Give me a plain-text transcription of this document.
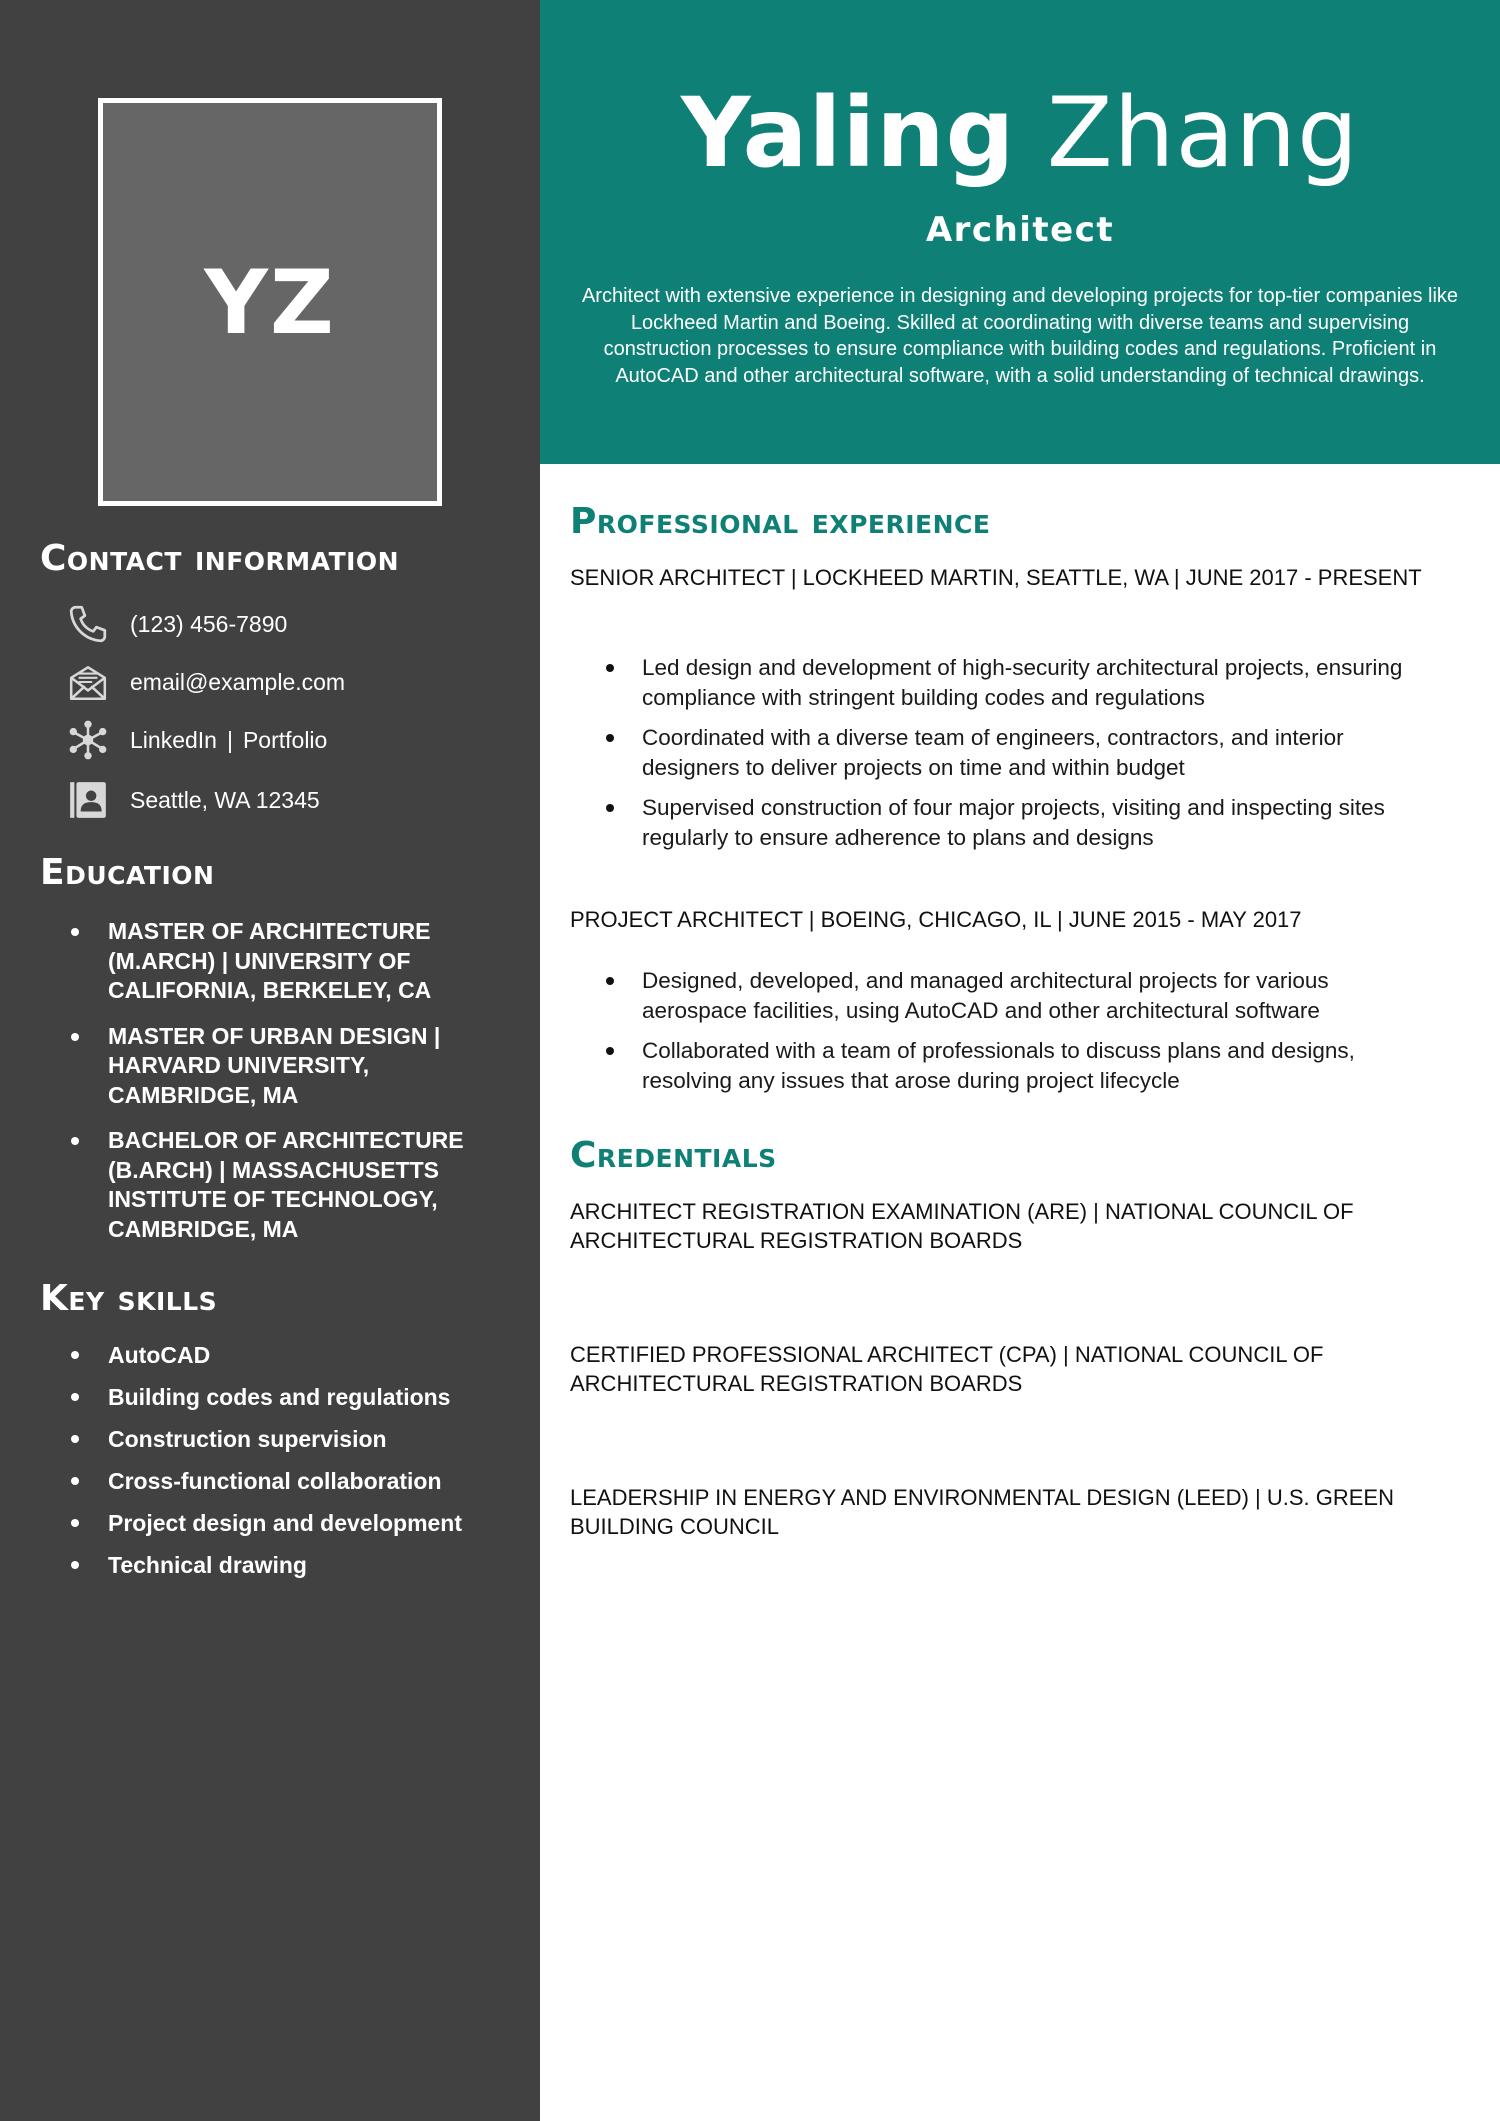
YZ
Contact information
(123) 456-7890
email@example.com
LinkedIn | Portfolio
Seattle, WA 12345
Education
MASTER OF ARCHITECTURE (M.ARCH) | UNIVERSITY OF CALIFORNIA, BERKELEY, CA
MASTER OF URBAN DESIGN | HARVARD UNIVERSITY, CAMBRIDGE, MA
BACHELOR OF ARCHITECTURE (B.ARCH) | MASSACHUSETTS INSTITUTE OF TECHNOLOGY, CAMBRIDGE, MA
Key skills
AutoCAD
Building codes and regulations
Construction supervision
Cross-functional collaboration
Project design and development
Technical drawing
Yaling Zhang
Architect
Architect with extensive experience in designing and developing projects for top-tier companies like Lockheed Martin and Boeing. Skilled at coordinating with diverse teams and supervising construction processes to ensure compliance with building codes and regulations. Proficient in AutoCAD and other architectural software, with a solid understanding of technical drawings.
Professional experience
SENIOR ARCHITECT | LOCKHEED MARTIN, SEATTLE, WA | JUNE 2017 - PRESENT
Led design and development of high-security architectural projects, ensuring compliance with stringent building codes and regulations
Coordinated with a diverse team of engineers, contractors, and interior designers to deliver projects on time and within budget
Supervised construction of four major projects, visiting and inspecting sites regularly to ensure adherence to plans and designs
PROJECT ARCHITECT | BOEING, CHICAGO, IL | JUNE 2015 - MAY 2017
Designed, developed, and managed architectural projects for various aerospace facilities, using AutoCAD and other architectural software
Collaborated with a team of professionals to discuss plans and designs, resolving any issues that arose during project lifecycle
Credentials
ARCHITECT REGISTRATION EXAMINATION (ARE) | NATIONAL COUNCIL OF ARCHITECTURAL REGISTRATION BOARDS
CERTIFIED PROFESSIONAL ARCHITECT (CPA) | NATIONAL COUNCIL OF ARCHITECTURAL REGISTRATION BOARDS
LEADERSHIP IN ENERGY AND ENVIRONMENTAL DESIGN (LEED) | U.S. GREEN BUILDING COUNCIL
